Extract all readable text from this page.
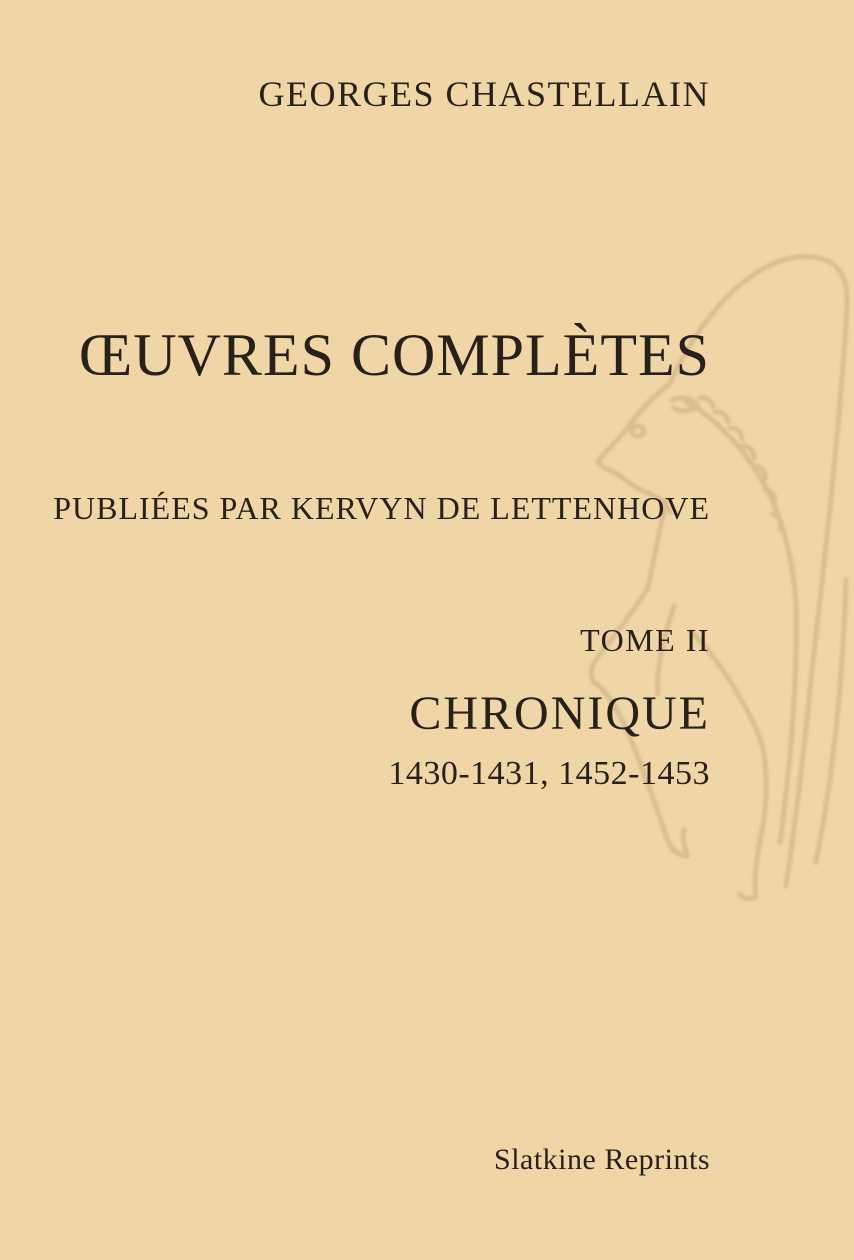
GEORGES CHASTELLAIN
ŒUVRES COMPLÈTES
PUBLIÉES PAR KERVYN DE LETTENHOVE
TOME II
CHRONIQUE
1430-1431, 1452-1453
Slatkine Reprints
